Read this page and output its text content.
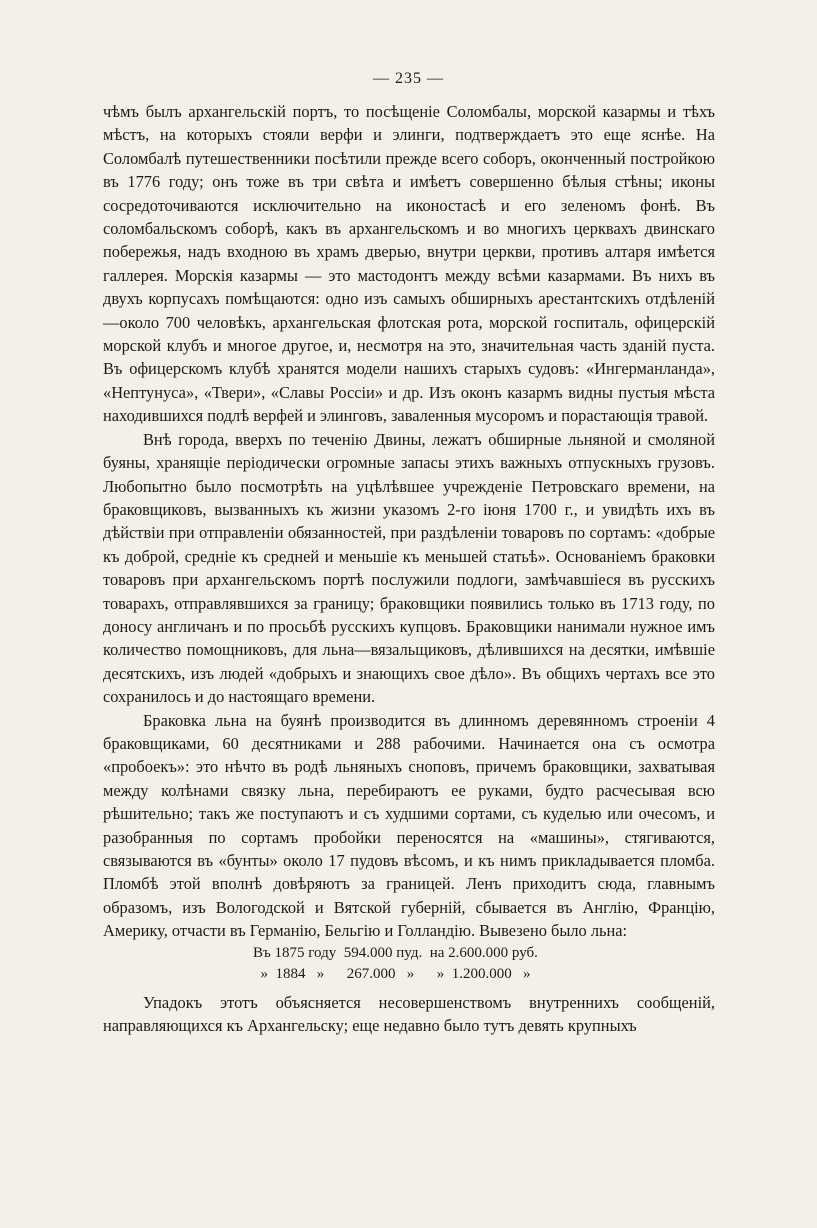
— 235 —

чѣмъ былъ архангельскій портъ, то посѣщеніе Соломбалы, морской казармы и тѣхъ мѣстъ, на которыхъ стояли верфи и элинги, подтверждаетъ это еще яснѣе. На Соломбалѣ путешественники посѣтили прежде всего соборъ, оконченный постройкою въ 1776 году; онъ тоже въ три свѣта и имѣетъ совершенно бѣлыя стѣны; иконы сосредоточиваются исключительно на иконостасѣ и его зеленомъ фонѣ. Въ соломбальскомъ соборѣ, какъ въ архангельскомъ и во многихъ церквахъ двинскаго побережья, надъ входною въ храмъ дверью, внутри церкви, противъ алтаря имѣется галлерея. Морскія казармы — это мастодонтъ между всѣми казармами. Въ нихъ въ двухъ корпусахъ помѣщаются: одно изъ самыхъ обширныхъ арестантскихъ отдѣленій—около 700 человѣкъ, архангельская флотская рота, морской госпиталь, офицерскій морской клубъ и многое другое, и, несмотря на это, значительная часть зданій пуста. Въ офицерскомъ клубѣ хранятся модели нашихъ старыхъ судовъ: «Ингерманланда», «Нептунуса», «Твери», «Славы Россіи» и др. Изъ оконъ казармъ видны пустыя мѣста находившихся подлѣ верфей и элинговъ, заваленныя мусоромъ и порастающія травой.

Внѣ города, вверхъ по теченію Двины, лежатъ обширные льняной и смоляной буяны, хранящіе періодически огромные запасы этихъ важныхъ отпускныхъ грузовъ. Любопытно было посмотрѣть на уцѣлѣвшее учрежденіе Петровскаго времени, на браковщиковъ, вызванныхъ къ жизни указомъ 2-го іюня 1700 г., и увидѣть ихъ въ дѣйствіи при отправленіи обязанностей, при раздѣленіи товаровъ по сортамъ: «добрые къ доброй, средніе къ средней и меньшіе къ меньшей статьѣ». Основаніемъ браковки товаровъ при архангельскомъ портѣ послужили подлоги, замѣчавшіеся въ русскихъ товарахъ, отправлявшихся за границу; браковщики появились только въ 1713 году, по доносу англичанъ и по просьбѣ русскихъ купцовъ. Браковщики нанимали нужное имъ количество помощниковъ, для льна—вязальщиковъ, дѣлившихся на десятки, имѣвшіе десятскихъ, изъ людей «добрыхъ и знающихъ свое дѣло». Въ общихъ чертахъ все это сохранилось и до настоящаго времени.

Браковка льна на буянѣ производится въ длинномъ деревянномъ строеніи 4 браковщиками, 60 десятниками и 288 рабочими. Начинается она съ осмотра «пробоекъ»: это нѣчто въ родѣ льняныхъ сноповъ, причемъ браковщики, захватывая между колѣнами связку льна, перебираютъ ее руками, будто расчесывая всю рѣшительно; такъ же поступаютъ и съ худшими сортами, съ куделью или очесомъ, и разобранныя по сортамъ пробойки переносятся на «машины», стягиваются, связываются въ «бунты» около 17 пудовъ вѣсомъ, и къ нимъ прикладывается пломба. Пломбѣ этой вполнѣ довѣряютъ за границей. Ленъ приходитъ сюда, главнымъ образомъ, изъ Вологодской и Вятской губерній, сбывается въ Англію, Францію, Америку, отчасти въ Германію, Бельгію и Голландію. Вывезено было льна:

Въ 1875 году  594.000 пуд.  на 2.600.000 руб.
»  1884   »      267.000   »      »  1.200.000   »

Упадокъ этотъ объясняется несовершенствомъ внутреннихъ сообщеній, направляющихся къ Архангельску; еще недавно было тутъ девять крупныхъ
